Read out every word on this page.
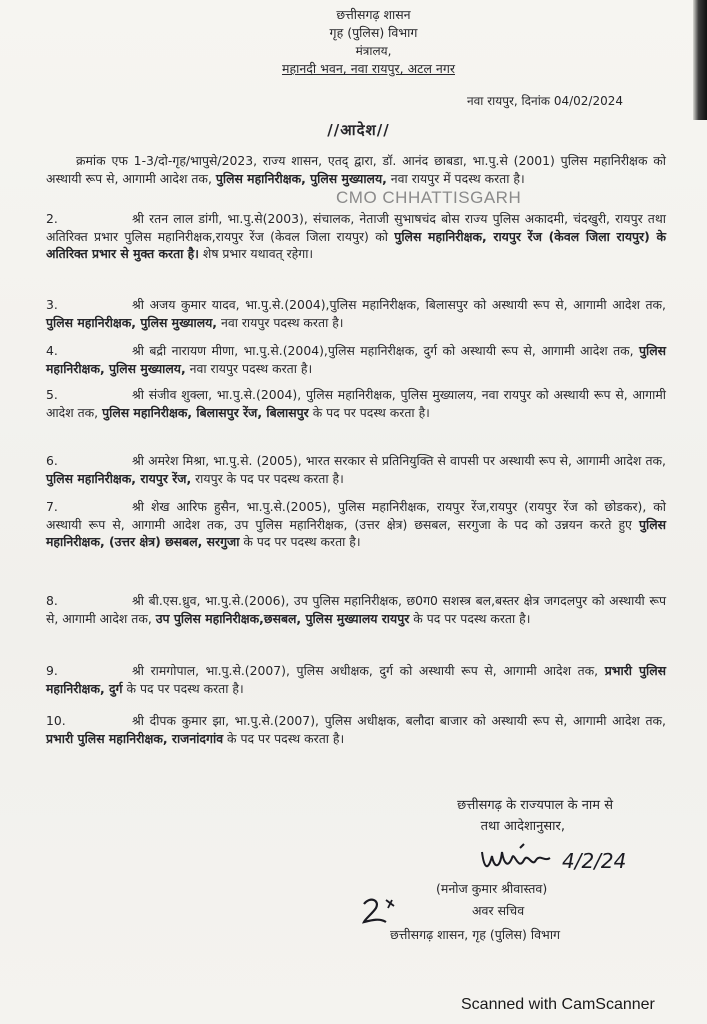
छत्तीसगढ़ शासन
गृह (पुलिस) विभाग
मंत्रालय,
महानदी भवन, नवा रायपुर, अटल नगर
नवा रायपुर, दिनांक 04/02/2024
//आदेश//

क्रमांक एफ 1-3/दो-गृह/भापुसे/2023, राज्य शासन, एतद् द्वारा, डॉ. आनंद छाबडा, भा.पु.से (2001) पुलिस महानिरीक्षक को अस्थायी रूप से, आगामी आदेश तक, पुलिस महानिरीक्षक, पुलिस मुख्यालय, नवा रायपुर में पदस्थ करता है।

CMO CHHATTISGARH

2.	श्री रतन लाल डांगी, भा.पु.से(2003), संचालक, नेताजी सुभाषचंद बोस राज्य पुलिस अकादमी, चंदखुरी, रायपुर तथा अतिरिक्त प्रभार पुलिस महानिरीक्षक,रायपुर रेंज (केवल जिला रायपुर) को पुलिस महानिरीक्षक, रायपुर रेंज (केवल जिला रायपुर) के अतिरिक्त प्रभार से मुक्त करता है। शेष प्रभार यथावत् रहेगा।

3.	श्री अजय कुमार यादव, भा.पु.से.(2004),पुलिस महानिरीक्षक, बिलासपुर को अस्थायी रूप से, आगामी आदेश तक, पुलिस महानिरीक्षक, पुलिस मुख्यालय, नवा रायपुर पदस्थ करता है।

4.	श्री बद्री नारायण मीणा, भा.पु.से.(2004),पुलिस महानिरीक्षक, दुर्ग को अस्थायी रूप से, आगामी आदेश तक, पुलिस महानिरीक्षक, पुलिस मुख्यालय, नवा रायपुर पदस्थ करता है।

5.	श्री संजीव शुक्ला, भा.पु.से.(2004), पुलिस महानिरीक्षक, पुलिस मुख्यालय, नवा रायपुर को अस्थायी रूप से, आगामी आदेश तक, पुलिस महानिरीक्षक, बिलासपुर रेंज, बिलासपुर के पद पर पदस्थ करता है।

6.	श्री अमरेश मिश्रा, भा.पु.से. (2005), भारत सरकार से प्रतिनियुक्ति से वापसी पर अस्थायी रूप से, आगामी आदेश तक, पुलिस महानिरीक्षक, रायपुर रेंज, रायपुर के पद पर पदस्थ करता है।

7.	श्री शेख आरिफ हुसैन, भा.पु.से.(2005), पुलिस महानिरीक्षक, रायपुर रेंज,रायपुर (रायपुर रेंज को छोडकर), को अस्थायी रूप से, आगामी आदेश तक, उप पुलिस महानिरीक्षक, (उत्तर क्षेत्र) छसबल, सरगुजा के पद को उन्नयन करते हुए पुलिस महानिरीक्षक, (उत्तर क्षेत्र) छसबल, सरगुजा के पद पर पदस्थ करता है।

8.	श्री बी.एस.ध्रुव, भा.पु.से.(2006), उप पुलिस महानिरीक्षक, छ0ग0 सशस्त्र बल,बस्तर क्षेत्र जगदलपुर को अस्थायी रूप से, आगामी आदेश तक, उप पुलिस महानिरीक्षक,छसबल, पुलिस मुख्यालय रायपुर के पद पर पदस्थ करता है।

9.	श्री रामगोपाल, भा.पु.से.(2007), पुलिस अधीक्षक, दुर्ग को अस्थायी रूप से, आगामी आदेश तक, प्रभारी पुलिस महानिरीक्षक, दुर्ग के पद पर पदस्थ करता है।

10.	श्री दीपक कुमार झा, भा.पु.से.(2007), पुलिस अधीक्षक, बलौदा बाजार को अस्थायी रूप से, आगामी आदेश तक, प्रभारी पुलिस महानिरीक्षक, राजनांदगांव के पद पर पदस्थ करता है।

छत्तीसगढ़ के राज्यपाल के नाम से
तथा आदेशानुसार,
4/2/24
(मनोज कुमार श्रीवास्तव)
अवर सचिव
छत्तीसगढ़ शासन, गृह (पुलिस) विभाग
Scanned with CamScanner
